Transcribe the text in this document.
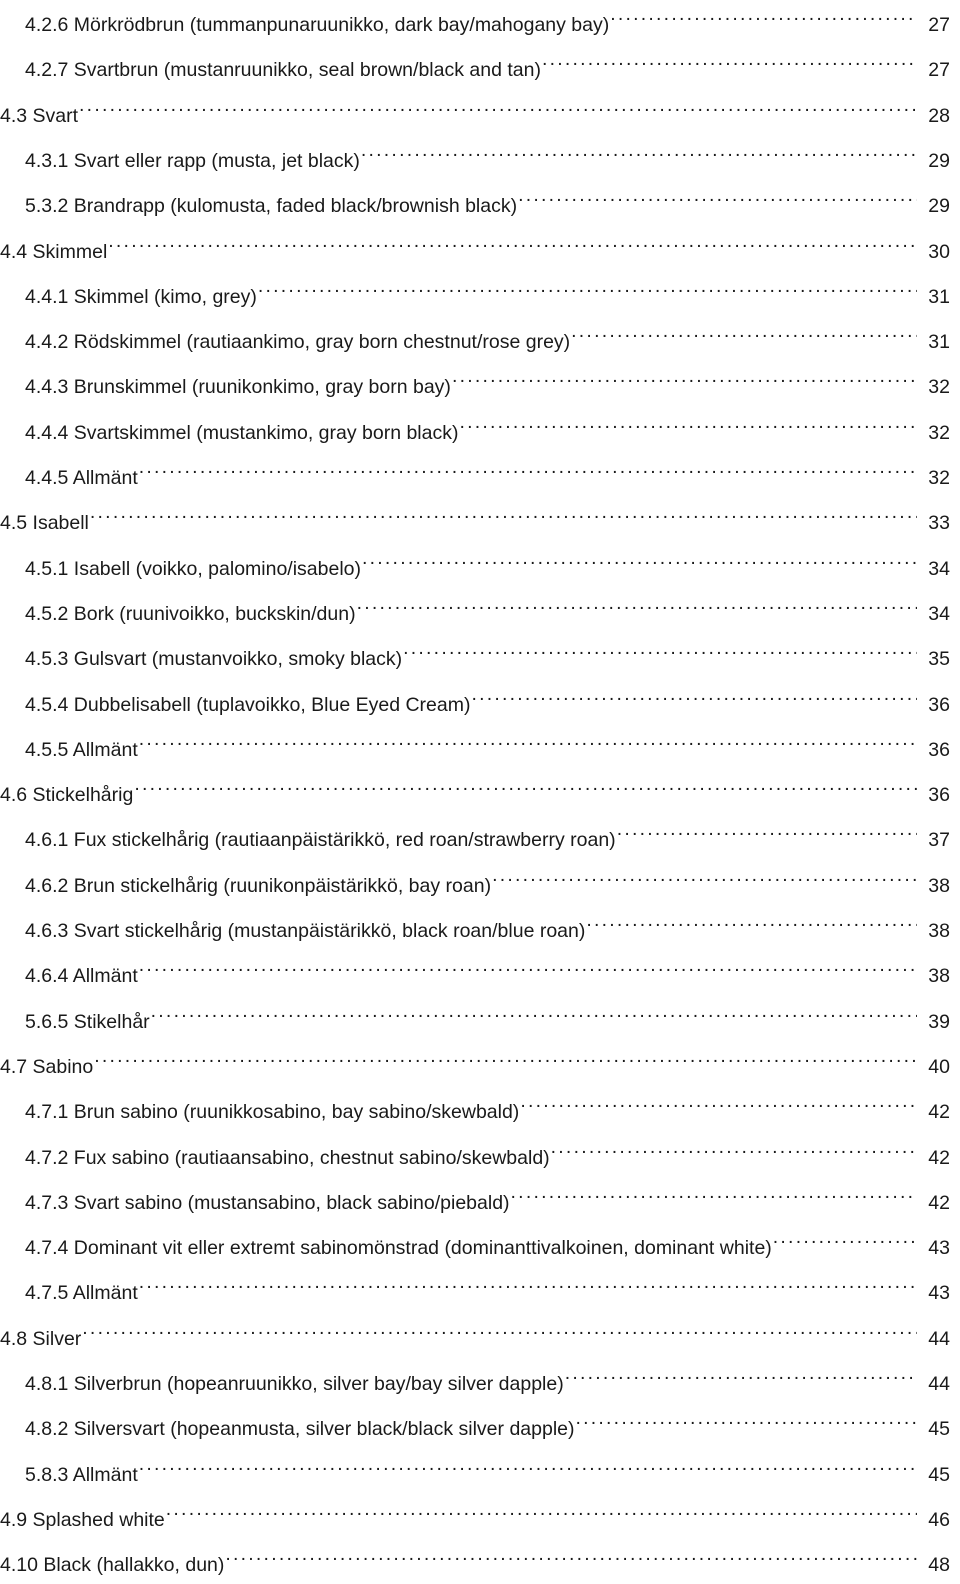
4.2.6 Mörkrödbrun (tummanpunaruunikko, dark bay/mahogany bay) . . .	27
4.2.7 Svartbrun (mustanruunikko, seal brown/black and tan) . . .	27
4.3 Svart . . .	28
4.3.1 Svart eller rapp (musta, jet black) . . .	29
5.3.2 Brandrapp (kulomusta, faded black/brownish black) . . .	29
4.4 Skimmel . . .	30
4.4.1 Skimmel (kimo, grey) . . .	31
4.4.2 Rödskimmel (rautiaankimo, gray born chestnut/rose grey) . . .	31
4.4.3 Brunskimmel (ruunikonkimo, gray born bay) . . .	32
4.4.4 Svartskimmel (mustankimo, gray born black) . . .	32
4.4.5 Allmänt . . .	32
4.5 Isabell . . .	33
4.5.1 Isabell (voikko, palomino/isabelo) . . .	34
4.5.2 Bork (ruunivoikko, buckskin/dun) . . .	34
4.5.3 Gulsvart (mustanvoikko, smoky black) . . .	35
4.5.4 Dubbelisabell (tuplavoikko, Blue Eyed Cream) . . .	36
4.5.5 Allmänt . . .	36
4.6 Stickelhårig . . .	36
4.6.1 Fux stickelhårig (rautiaanpäistärikkö, red roan/strawberry roan) . . .	37
4.6.2 Brun stickelhårig (ruunikonpäistärikkö, bay roan) . . .	38
4.6.3 Svart stickelhårig (mustanpäistärikkö, black roan/blue roan) . . .	38
4.6.4 Allmänt . . .	38
5.6.5 Stikelhår . . .	39
4.7 Sabino . . .	40
4.7.1 Brun sabino (ruunikkosabino, bay sabino/skewbald) . . .	42
4.7.2 Fux sabino (rautiaansabino, chestnut sabino/skewbald) . . .	42
4.7.3 Svart sabino (mustansabino, black sabino/piebald) . . .	42
4.7.4 Dominant vit eller extremt sabinomönstrad (dominanttivalkoinen, dominant white) . . .	43
4.7.5 Allmänt . . .	43
4.8 Silver . . .	44
4.8.1 Silverbrun (hopeanruunikko, silver bay/bay silver dapple) . . .	44
4.8.2 Silversvart (hopeanmusta, silver black/black silver dapple) . . .	45
5.8.3 Allmänt . . .	45
4.9 Splashed white . . .	46
4.10 Black (hallakko, dun) . . .	48
